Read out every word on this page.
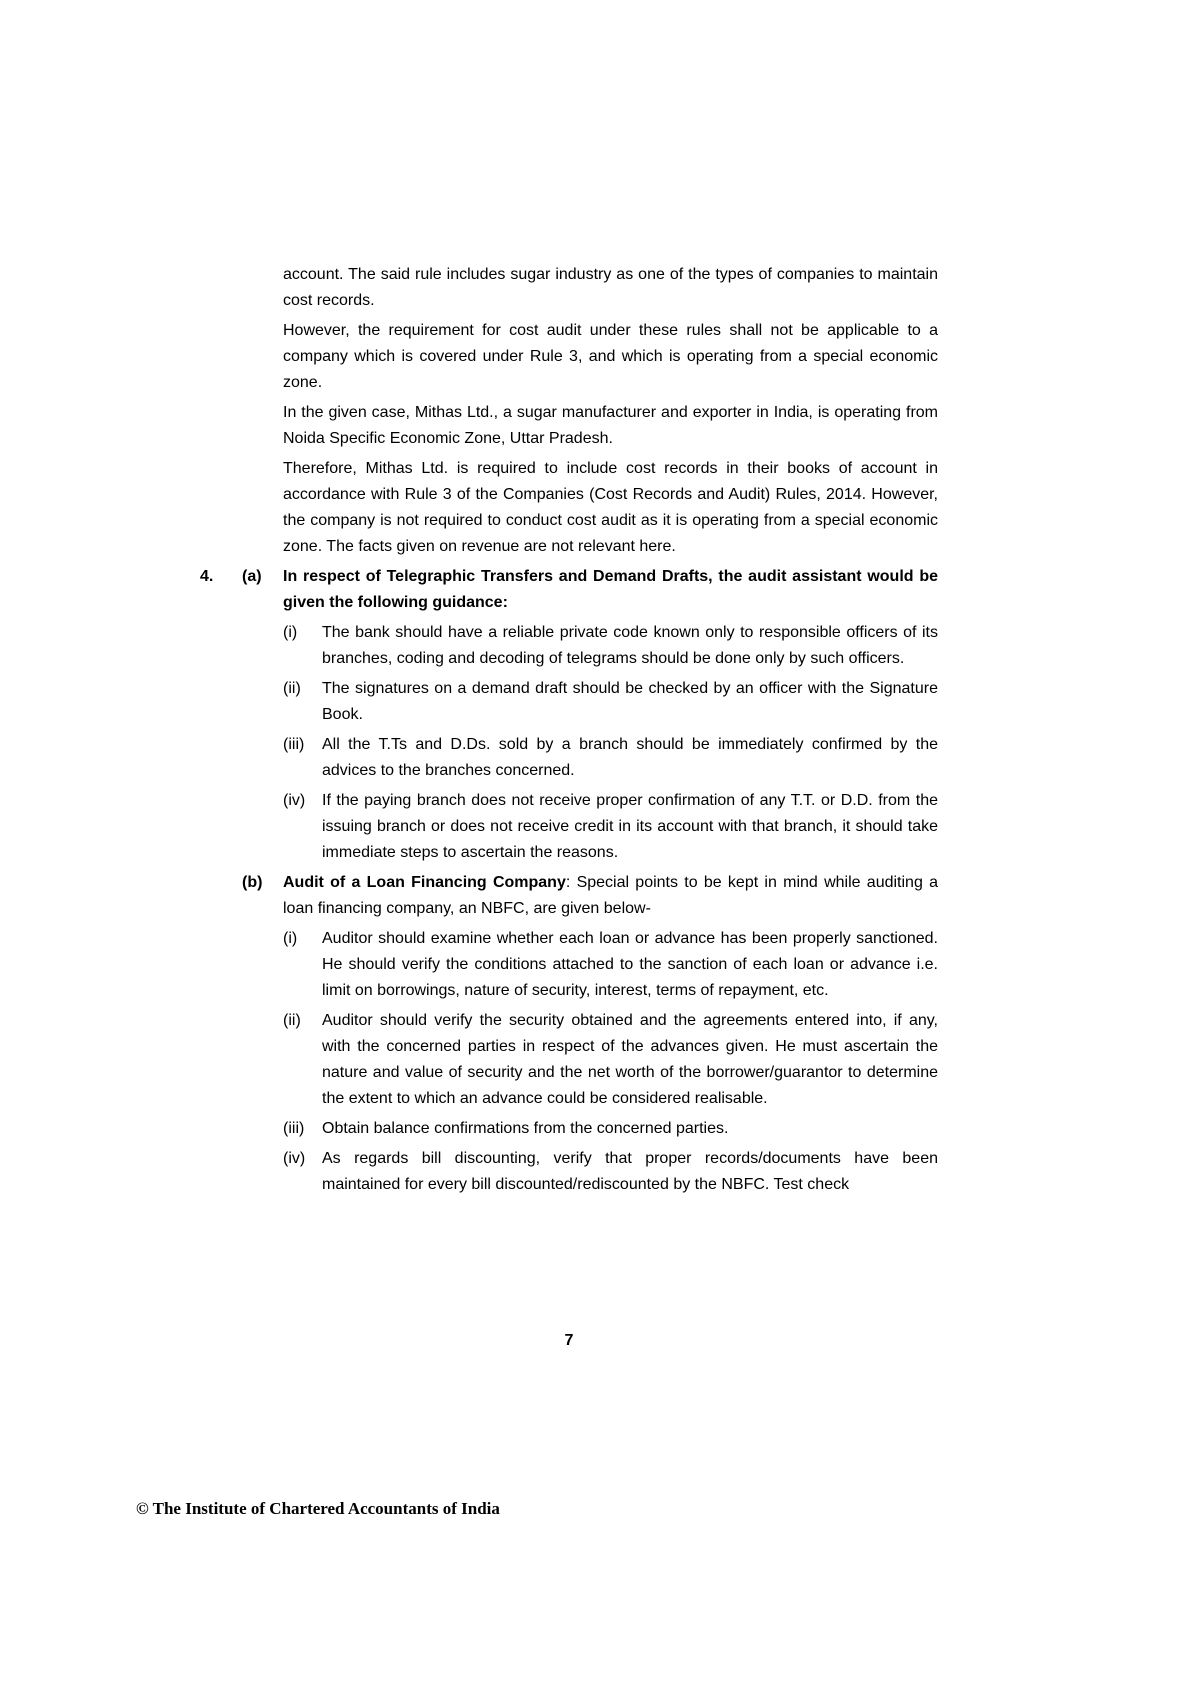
account. The said rule includes sugar industry as one of the types of companies to maintain cost records.

However, the requirement for cost audit under these rules shall not be applicable to a company which is covered under Rule 3, and which is operating from a special economic zone.

In the given case, Mithas Ltd., a sugar manufacturer and exporter in India, is operating from Noida Specific Economic Zone, Uttar Pradesh.

Therefore, Mithas Ltd. is required to include cost records in their books of account in accordance with Rule 3 of the Companies (Cost Records and Audit) Rules, 2014. However, the company is not required to conduct cost audit as it is operating from a special economic zone. The facts given on revenue are not relevant here.

4.	(a)	In respect of Telegraphic Transfers and Demand Drafts, the audit assistant would be given the following guidance:

(i)	The bank should have a reliable private code known only to responsible officers of its branches, coding and decoding of telegrams should be done only by such officers.

(ii)	The signatures on a demand draft should be checked by an officer with the Signature Book.

(iii)	All the T.Ts and D.Ds. sold by a branch should be immediately confirmed by the advices to the branches concerned.

(iv)	If the paying branch does not receive proper confirmation of any T.T. or D.D. from the issuing branch or does not receive credit in its account with that branch, it should take immediate steps to ascertain the reasons.

(b)	Audit of a Loan Financing Company: Special points to be kept in mind while auditing a loan financing company, an NBFC, are given below-

(i)	Auditor should examine whether each loan or advance has been properly sanctioned. He should verify the conditions attached to the sanction of each loan or advance i.e. limit on borrowings, nature of security, interest, terms of repayment, etc.

(ii)	Auditor should verify the security obtained and the agreements entered into, if any, with the concerned parties in respect of the advances given. He must ascertain the nature and value of security and the net worth of the borrower/guarantor to determine the extent to which an advance could be considered realisable.

(iii)	Obtain balance confirmations from the concerned parties.

(iv)	As regards bill discounting, verify that proper records/documents have been maintained for every bill discounted/rediscounted by the NBFC. Test check

7
© The Institute of Chartered Accountants of India
